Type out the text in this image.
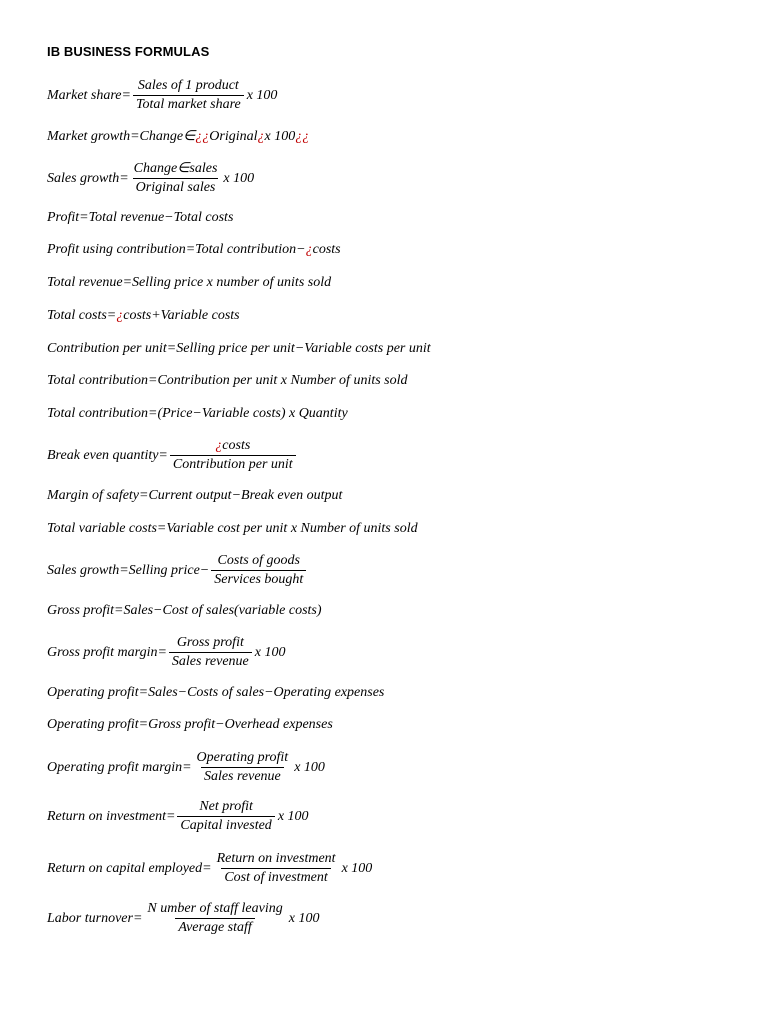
IB BUSINESS FORMULAS
Market share= $\frac{\text{Sales of 1 product}}{\text{Total market share}}$ x 100
Market growth=Change∈ ¿¿ Original ¿ x 100 ¿¿
Sales growth= $\frac{\text{Change∈sales}}{\text{Original sales}}$ x 100
Profit=Total revenue−Total costs
Profit using contribution=Total contribution− ¿ costs
Total revenue=Selling price x number of units sold
Total costs= ¿ costs+Variable costs
Contribution per unit=Selling price per unit−Variable costs per unit
Total contribution=Contribution per unit x Number of units sold
Total contribution=(Price−Variable costs) x Quantity
Break even quantity= $\frac{\text{¿costs}}{\text{Contribution per unit}}$
Margin of safety=Current output−Break even output
Total variable costs=Variable cost per unit x Number of units sold
Sales growth=Selling price− $\frac{\text{Costs of goods}}{\text{Services bought}}$
Gross profit=Sales−Cost of sales(variable costs)
Gross profit margin= $\frac{\text{Gross profit}}{\text{Sales revenue}}$ x 100
Operating profit=Sales−Costs of sales−Operating expenses
Operating profit=Gross profit−Overhead expenses
Operating profit margin= $\frac{\text{Operating profit}}{\text{Sales revenue}}$ x 100
Return on investment= $\frac{\text{Net profit}}{\text{Capital invested}}$ x 100
Return on capital employed= $\frac{\text{Return on investment}}{\text{Cost of investment}}$ x 100
Labor turnover= $\frac{\text{N umber of staff leaving}}{\text{Average staff}}$ x 100
